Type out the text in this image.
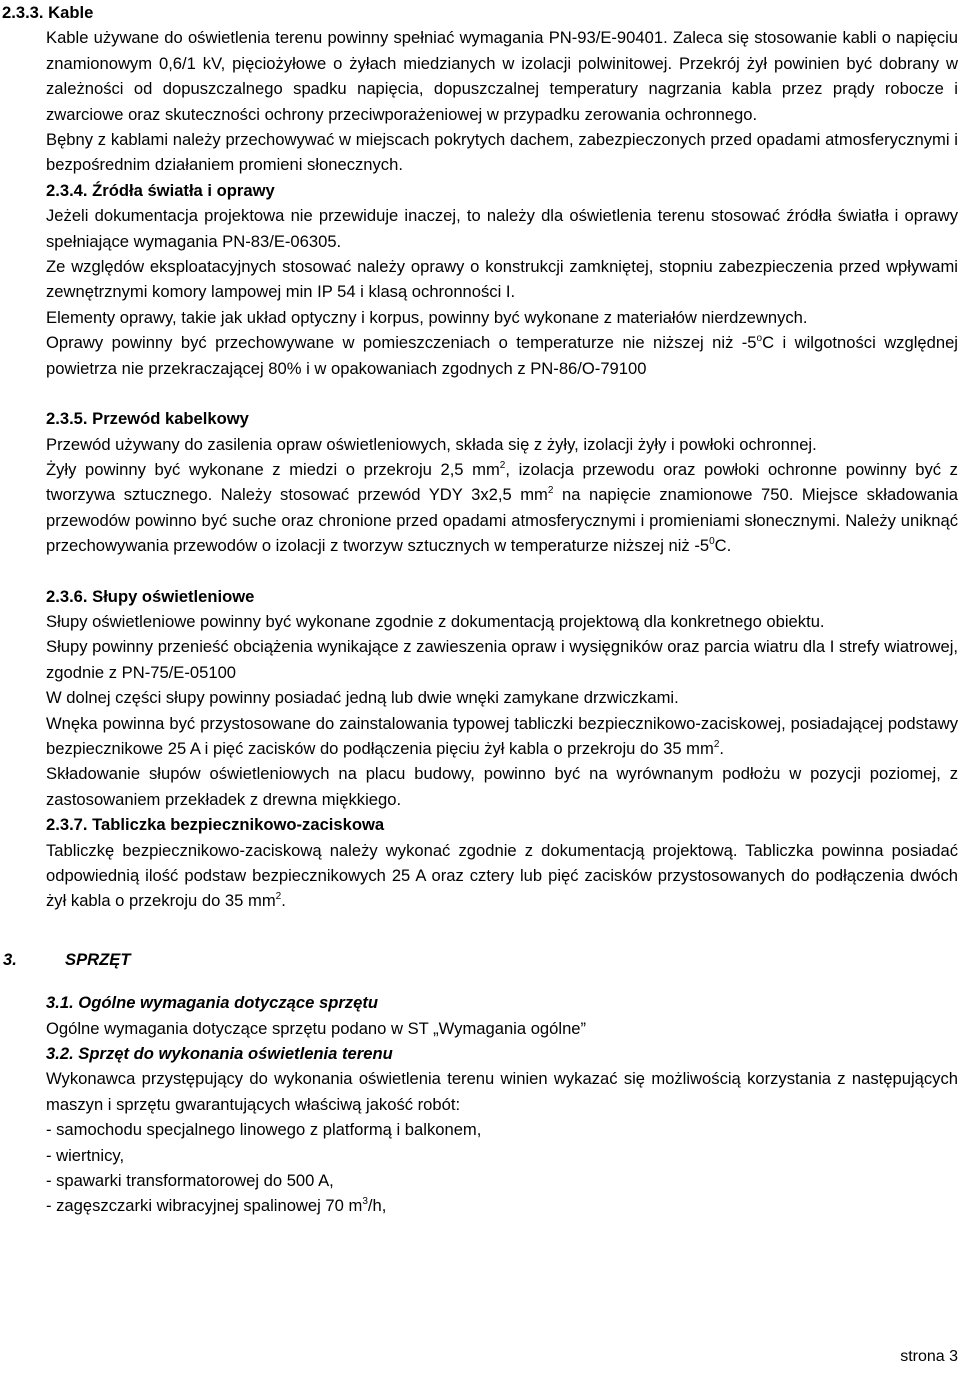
2.3.3. Kable

Kable używane do oświetlenia terenu powinny spełniać wymagania PN-93/E-90401. Zaleca się stosowanie kabli o napięciu znamionowym 0,6/1 kV, pięciożyłowe o żyłach miedzianych w izolacji polwinitowej. Przekrój żył powinien być dobrany w zależności od dopuszczalnego spadku napięcia, dopuszczalnej temperatury nagrzania kabla przez prądy robocze i zwarciowe oraz skuteczności ochrony przeciwporażeniowej w przypadku zerowania ochronnego.

Bębny z kablami należy przechowywać w miejscach pokrytych dachem, zabezpieczonych przed opadami atmosferycznymi i bezpośrednim działaniem promieni słonecznych.

2.3.4. Źródła światła i oprawy

Jeżeli dokumentacja projektowa nie przewiduje inaczej, to należy dla oświetlenia terenu stosować źródła światła i oprawy spełniające wymagania PN-83/E-06305.

Ze względów eksploatacyjnych stosować należy oprawy o konstrukcji zamkniętej, stopniu zabezpieczenia przed wpływami zewnętrznymi komory lampowej min IP 54 i klasą ochronności I.

Elementy oprawy, takie jak układ optyczny i korpus, powinny być wykonane z materiałów nierdzewnych.

Oprawy powinny być przechowywane w pomieszczeniach o temperaturze nie niższej niż -5$^o$C i wilgotności względnej powietrza nie przekraczającej 80% i w opakowaniach zgodnych z PN-86/O-79100

2.3.5. Przewód kabelkowy

Przewód używany do zasilenia opraw oświetleniowych, składa się z żyły, izolacji żyły i powłoki ochronnej.

Żyły powinny być wykonane z miedzi o przekroju 2,5 $mm^2$, izolacja przewodu oraz powłoki ochronne powinny być z tworzywa sztucznego. Należy stosować przewód YDY 3x2,5 $mm^2$ na napięcie znamionowe 750. Miejsce składowania przewodów powinno być suche oraz chronione przed opadami atmosferycznymi i promieniami słonecznymi. Należy uniknąć przechowywania przewodów o izolacji z tworzyw sztucznych w temperaturze niższej niż $-5^0C$.

2.3.6. Słupy oświetleniowe

Słupy oświetleniowe powinny być wykonane zgodnie z dokumentacją projektową dla konkretnego obiektu.

Słupy powinny przenieść obciążenia wynikające z zawieszenia opraw i wysięgników oraz parcia wiatru dla I strefy wiatrowej, zgodnie z PN-75/E-05100

W dolnej części słupy powinny posiadać jedną lub dwie wnęki zamykane drzwiczkami.

Wnęka powinna być przystosowane do zainstalowania typowej tabliczki bezpiecznikowo-zaciskowej, posiadającej podstawy bezpiecznikowe 25 A i pięć zacisków do podłączenia pięciu żył kabla o przekroju do 35 $mm^2$.

Składowanie słupów oświetleniowych na placu budowy, powinno być na wyrównanym podłożu w pozycji poziomej, z zastosowaniem przekładek z drewna miękkiego.

2.3.7. Tabliczka bezpiecznikowo-zaciskowa

Tabliczkę bezpiecznikowo-zaciskową należy wykonać zgodnie z dokumentacją projektową. Tabliczka powinna posiadać odpowiednią ilość podstaw bezpiecznikowych 25 A oraz cztery lub pięć zacisków przystosowanych do podłączenia dwóch żył kabla o przekroju do 35 $mm^2$.

3.	SPRZĘT

3.1. Ogólne wymagania dotyczące sprzętu

Ogólne wymagania dotyczące sprzętu podano w ST „Wymagania ogólne”

3.2. Sprzęt do wykonania oświetlenia terenu

Wykonawca przystępujący do wykonania oświetlenia terenu winien wykazać się możliwością korzystania z następujących maszyn i sprzętu gwarantujących właściwą jakość robót:

- samochodu specjalnego linowego z platformą i balkonem,

- wiertnicy,

- spawarki transformatorowej do 500 A,

- zagęszczarki wibracyjnej spalinowej 70 $m^3/h$,

strona 3
